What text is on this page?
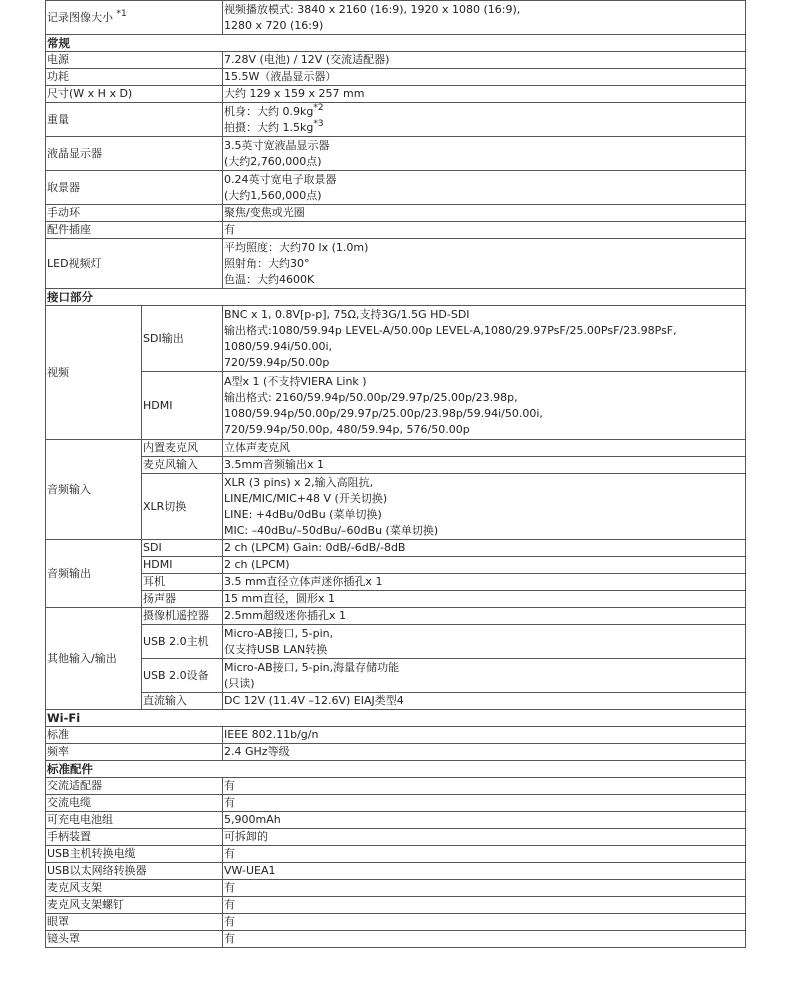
记录图像大小 $^{*1}$		视频播放模式: 3840 x 2160 (16:9), 1920 x 1080 (16:9),
1280 x 720 (16:9)

常规		
电源		7.28V (电池) / 12V (交流适配器)
功耗		15.5W（液晶显示器）
尺寸(W x H x D)		大约 129 x 159 x 257 mm
重量		机身：大约 $0.9kg^{*2}$
拍摄：大约 $1.5kg^{*3}$

液晶显示器		3.5英寸宽液晶显示器
(大约2,760,000点)

取景器		0.24英寸宽电子取景器
(大约1,560,000点)

手动环		聚焦/变焦或光圈
配件插座		有
LED视频灯		平均照度：大约70 lx (1.0m)
照射角：大约30°
色温：大约4600K

接口部分		
视频	SDI输出	BNC x 1, 0.8V[p-p], 75Ω,支持3G/1.5G HD-SDI
输出格式:1080/59.94p LEVEL-A/50.00p LEVEL-A,1080/29.97PsF/25.00PsF/23.98PsF,
1080/59.94i/50.00i,
720/59.94p/50.00p

	HDMI	A型x 1 (不支持VIERA Link )
输出格式: 2160/59.94p/50.00p/29.97p/25.00p/23.98p,
1080/59.94p/50.00p/29.97p/25.00p/23.98p/59.94i/50.00i,
720/59.94p/50.00p, 480/59.94p, 576/50.00p

音频输入	内置麦克风	立体声麦克风
	麦克风输入	3.5mm音频输出x 1
	XLR切换	XLR (3 pins) x 2,输入高阻抗,
LINE/MIC/MIC+48 V (开关切换)
LINE: +4dBu/0dBu (菜单切换)
MIC: –40dBu/–50dBu/–60dBu (菜单切换)

音频输出	SDI	2 ch (LPCM) Gain: 0dB/-6dB/-8dB
	HDMI	2 ch (LPCM)
	耳机	3.5 mm直径立体声迷你插孔x 1
	扬声器	15 mm直径，圆形x 1
其他输入/输出	摄像机遥控器	2.5mm超级迷你插孔x 1
	USB 2.0主机	Micro-AB接口, 5-pin,
仅支持USB LAN转换

	USB 2.0设备	Micro-AB接口, 5-pin,海量存储功能
(只读)

	直流输入	DC 12V (11.4V –12.6V) EIAJ类型4
Wi-Fi		
标准		IEEE 802.11b/g/n
频率		2.4 GHz等级
标准配件		
交流适配器		有
交流电缆		有
可充电电池组		5,900mAh
手柄装置		可拆卸的
USB主机转换电缆		有
USB以太网络转换器		VW-UEA1
麦克风支架		有
麦克风支架螺钉		有
眼罩		有
镜头罩		有
